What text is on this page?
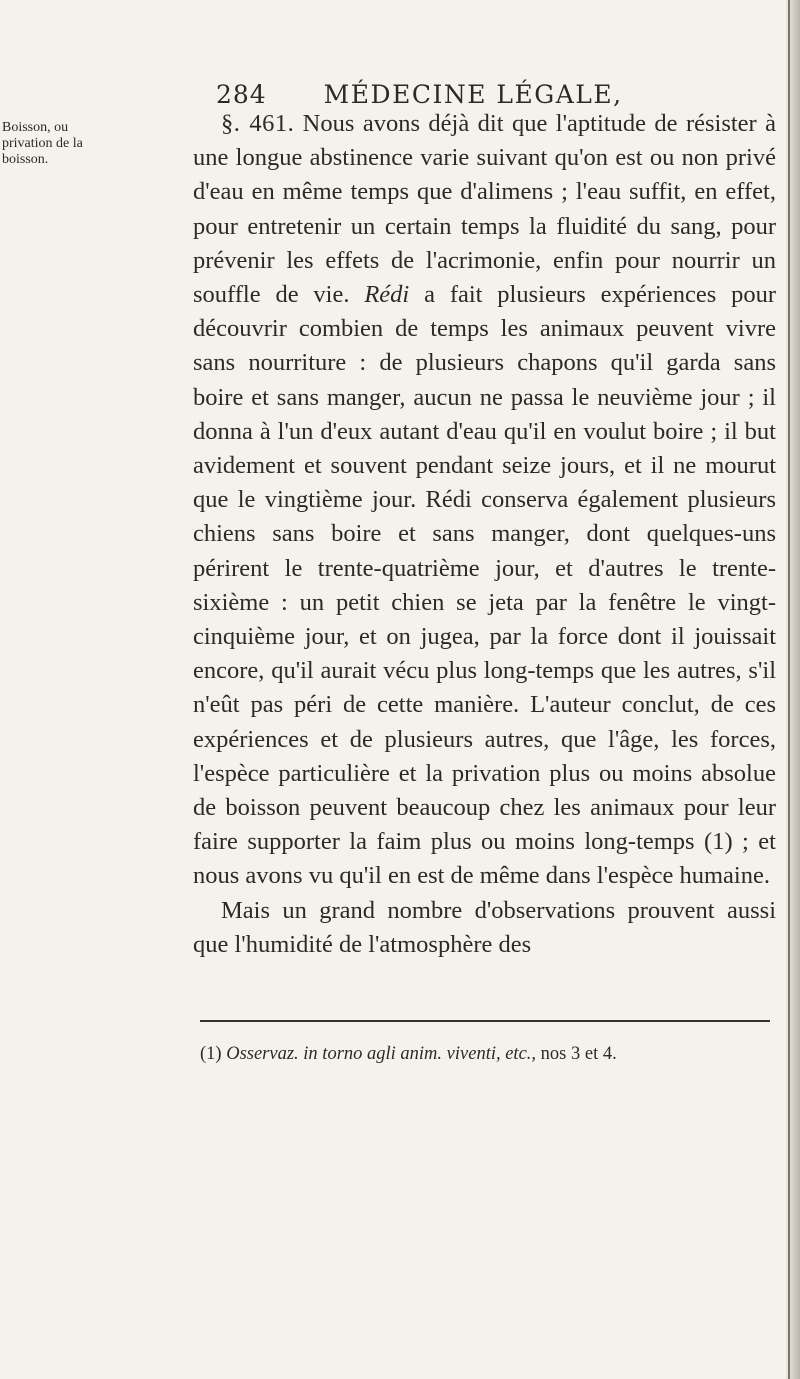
284 MÉDECINE LÉGALE,
Boisson, ou privation de la boisson.

§. 461. Nous avons déjà dit que l'aptitude de résister à une longue abstinence varie suivant qu'on est ou non privé d'eau en même temps que d'alimens ; l'eau suffit, en effet, pour entretenir un certain temps la fluidité du sang, pour prévenir les effets de l'acrimonie, enfin pour nourrir un souffle de vie. Rédi a fait plusieurs expériences pour découvrir combien de temps les animaux peuvent vivre sans nourriture : de plusieurs chapons qu'il garda sans boire et sans manger, aucun ne passa le neuvième jour ; il donna à l'un d'eux autant d'eau qu'il en voulut boire ; il but avidement et souvent pendant seize jours, et il ne mourut que le vingtième jour. Rédi conserva également plusieurs chiens sans boire et sans manger, dont quelques-uns périrent le trente-quatrième jour, et d'autres le trente-sixième : un petit chien se jeta par la fenêtre le vingt-cinquième jour, et on jugea, par la force dont il jouissait encore, qu'il aurait vécu plus long-temps que les autres, s'il n'eût pas péri de cette manière. L'auteur conclut, de ces expériences et de plusieurs autres, que l'âge, les forces, l'espèce particulière et la privation plus ou moins absolue de boisson peuvent beaucoup chez les animaux pour leur faire supporter la faim plus ou moins long-temps (1) ; et nous avons vu qu'il en est de même dans l'espèce humaine.

Mais un grand nombre d'observations prouvent aussi que l'humidité de l'atmosphère des

(1) Osservaz. in torno agli anim. viventi, etc., nos 3 et 4.
